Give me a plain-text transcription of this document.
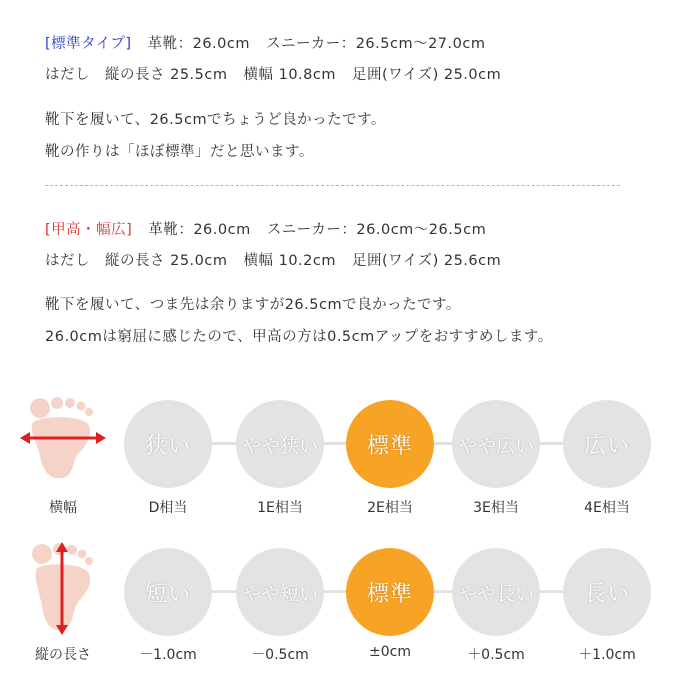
[標準タイプ] 革靴：26.0cm スニーカー：26.5cm〜27.0cm
はだし　縦の長さ 25.5cm 横幅 10.8cm 足囲(ワイズ) 25.0cm
靴下を履いて、26.5cmでちょうど良かったです。
靴の作りは「ほぼ標準」だと思います。
[甲高・幅広] 革靴：26.0cm スニーカー：26.0cm〜26.5cm
はだし　縦の長さ 25.0cm 横幅 10.2cm 足囲(ワイズ) 25.6cm
靴下を履いて、つま先は余りますが26.5cmで良かったです。
26.0cmは窮屈に感じたので、甲高の方は0.5cmアップをおすすめします。
横幅
狭い	やや狭い	標準	やや広い	広い
D相当	1E相当	2E相当	3E相当	4E相当
縦の長さ
短い	やや短い	標準	やや長い	長い
－1.0cm	－0.5cm	±0cm	＋0.5cm	＋1.0cm
